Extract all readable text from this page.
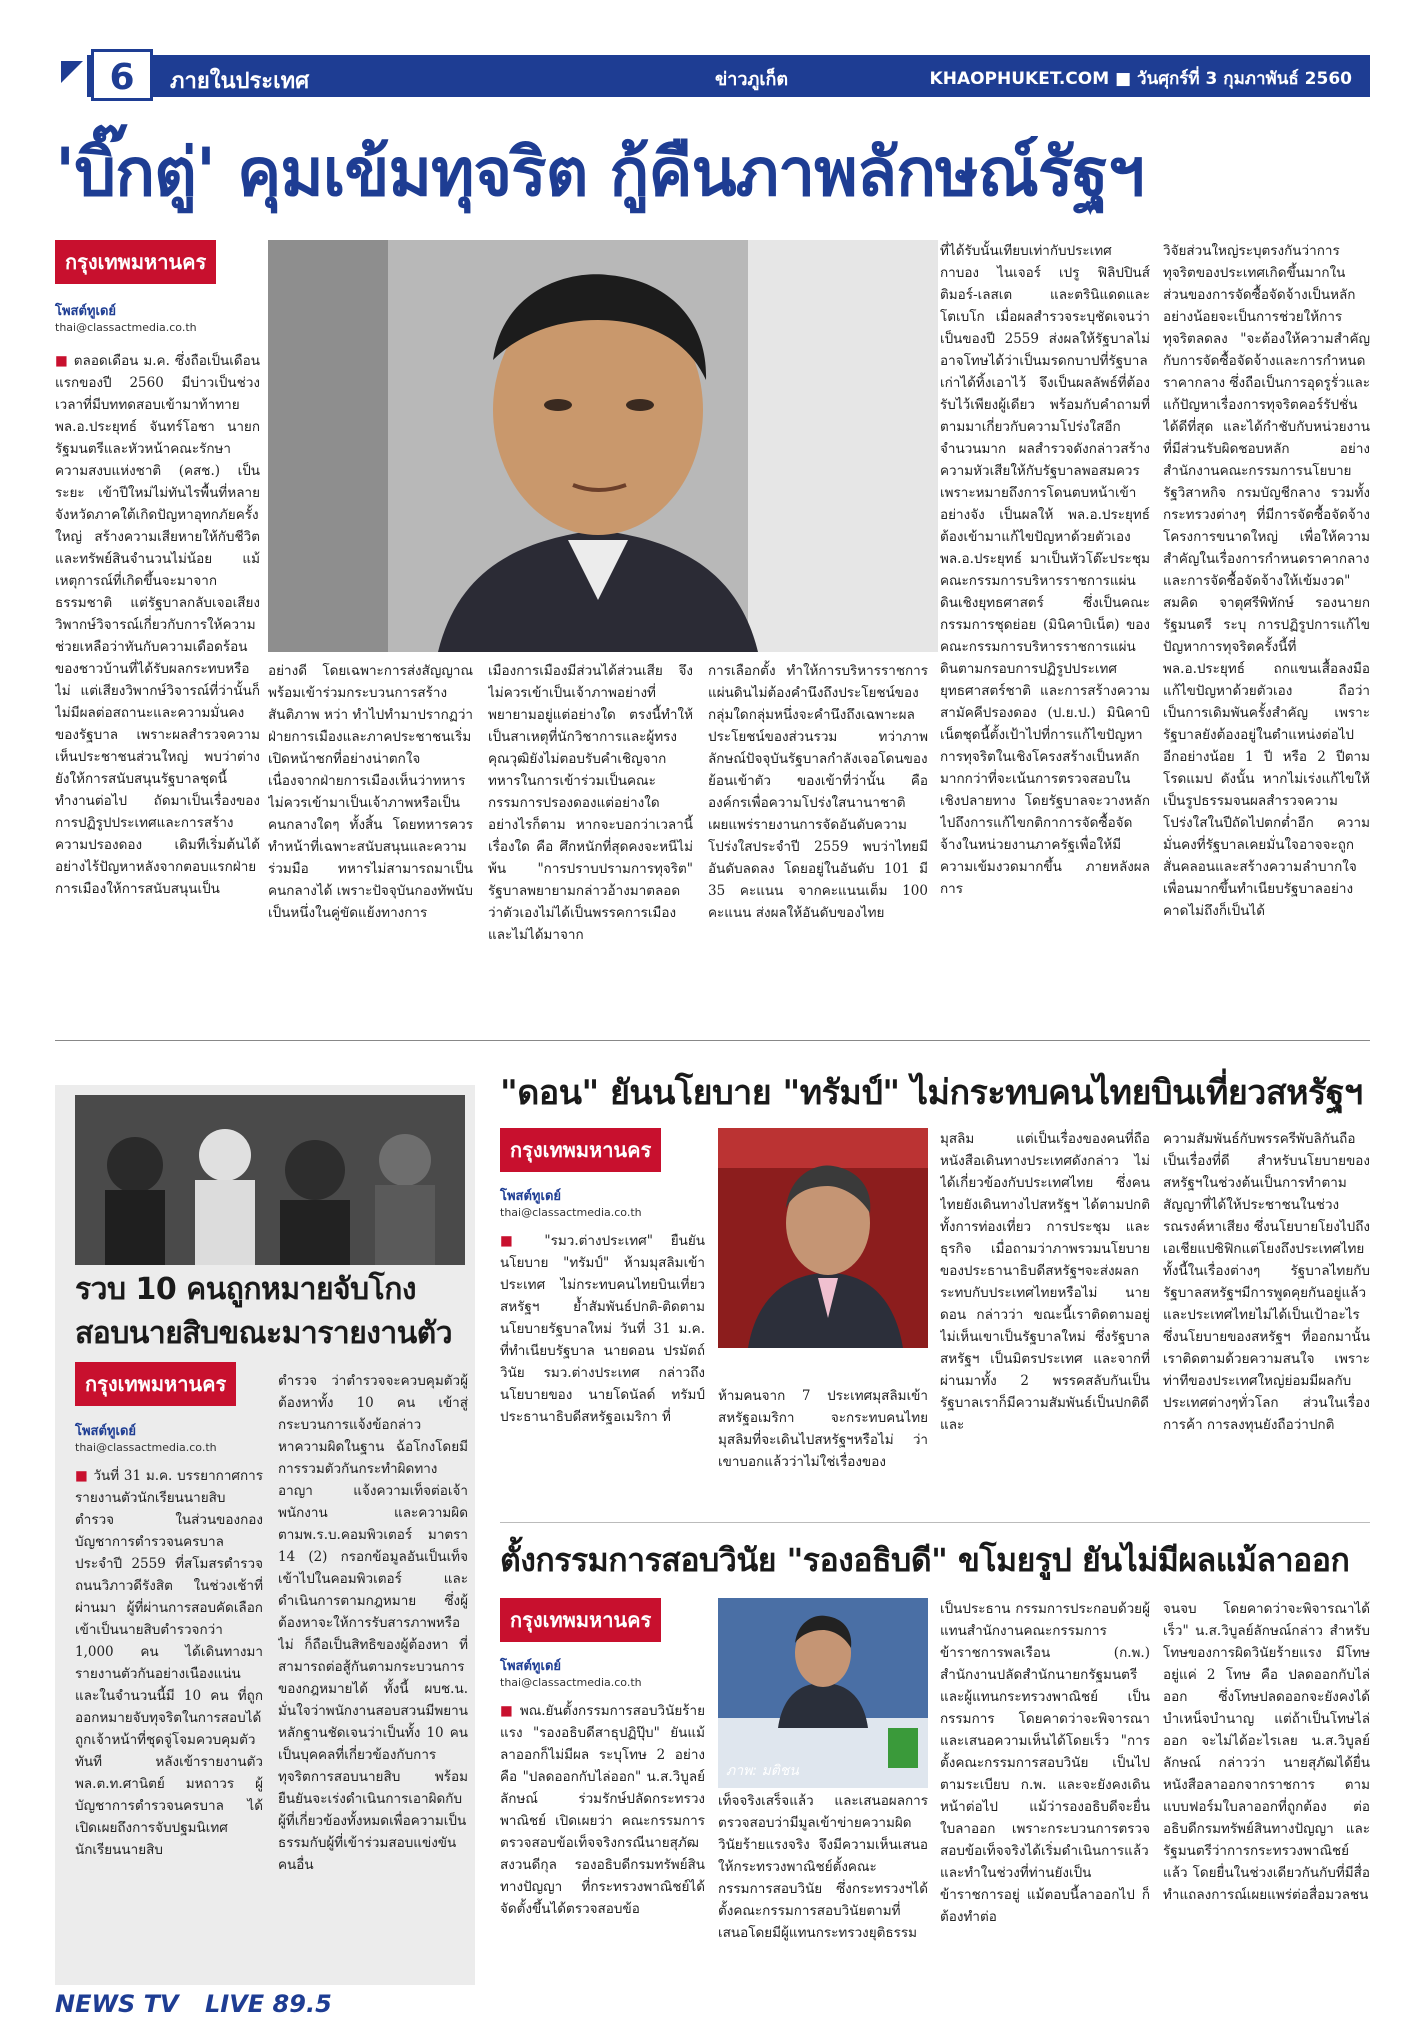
6	ภายในประเทศ	ข่าวภูเก็ต	KHAOPHUKET.COM ■ วันศุกร์ที่ 3 กุมภาพันธ์ 2560
'บิ๊กตู่' คุมเข้มทุจริต กู้คืนภาพลักษณ์รัฐฯ
กรุงเทพมหานคร
โพสต์ทูเดย์
thai@classactmedia.co.th

■ ตลอดเดือน ม.ค. ซึ่งถือเป็นเดือนแรกของปี 2560 มีบ่าวเป็นช่วงเวลาที่มีบททดสอบเข้ามาท้าทาย พล.อ.ประยุทธ์ จันทร์โอชา นายกรัฐมนตรีและหัวหน้าคณะรักษาความสงบแห่งชาติ (คสช.) เป็นระยะ เข้าปีใหม่ไม่ทันไรพื้นที่หลายจังหวัดภาคใต้เกิดปัญหาอุทกภัยครั้งใหญ่ สร้างความเสียหายให้กับชีวิตและทรัพย์สินจำนวนไม่น้อย แม้เหตุการณ์ที่เกิดขึ้นจะมาจากธรรมชาติ แต่รัฐบาลกลับเจอเสียงวิพากษ์วิจารณ์เกี่ยวกับการให้ความช่วยเหลือว่าทันกับความเดือดร้อนของชาวบ้านที่ได้รับผลกระทบหรือไม่ แต่เสียงวิพากษ์วิจารณ์ที่ว่านั้นก็ไม่มีผลต่อสถานะและความมั่นคงของรัฐบาล เพราะผลสำรวจความเห็นประชาชนส่วนใหญ่ พบว่าต่างยังให้การสนับสนุนรัฐบาลชุดนี้ทำงานต่อไป ถัดมาเป็นเรื่องของการปฏิรูปประเทศและการสร้างความปรองดอง เดิมทีเริ่มต้นได้อย่างไร้ปัญหาหลังจากตอบแรกฝ่ายการเมืองให้การสนับสนุนเป็น

อย่างดี โดยเฉพาะการส่งสัญญาณพร้อมเข้าร่วมกระบวนการสร้างสันติภาพ หว่า ทำไปทำมาปรากฏว่าฝ่ายการเมืองและภาคประชาชนเริ่มเปิดหน้าชกที่อย่างน่าตกใจ เนื่องจากฝ่ายการเมืองเห็นว่าทหารไม่ควรเข้ามาเป็นเจ้าภาพหรือเป็นคนกลางใดๆ ทั้งสิ้น โดยทหารควรทำหน้าที่เฉพาะสนับสนุนและความร่วมมือ ทหารไม่สามารถมาเป็นคนกลางได้ เพราะปัจจุบันกองทัพนับเป็นหนึ่งในคู่ขัดแย้งทางการ

เมืองการเมืองมีส่วนได้ส่วนเสีย จึงไม่ควรเข้าเป็นเจ้าภาพอย่างที่พยายามอยู่แต่อย่างใด ตรงนี้ทำให้เป็นสาเหตุที่นักวิชาการและผู้ทรงคุณวุฒิยังไม่ตอบรับคำเชิญจากทหารในการเข้าร่วมเป็นคณะกรรมการปรองดองแต่อย่างใด อย่างไรก็ตาม หากจะบอกว่าเวลานี้เรื่องใด คือ ศึกหนักที่สุดคงจะหนีไม่พ้น "การปราบปรามการทุจริต" รัฐบาลพยายามกล่าวอ้างมาตลอดว่าตัวเองไม่ได้เป็นพรรคการเมืองและไม่ได้มาจาก

การเลือกตั้ง ทำให้การบริหารราชการแผ่นดินไม่ต้องคำนึงถึงประโยชน์ของกลุ่มใดกลุ่มหนึ่งจะคำนึงถึงเฉพาะผลประโยชน์ของส่วนรวม ทว่าภาพลักษณ์ปัจจุบันรัฐบาลกำลังเจอโดนของย้อนเข้าตัว ของเข้าที่ว่านั้น คือ องค์กรเพื่อความโปร่งใสนานาชาติ เผยแพร่รายงานการจัดอันดับความโปร่งใสประจำปี 2559 พบว่าไทยมีอันดับลดลง โดยอยู่ในอันดับ 101 มี 35 คะแนน จากคะแนนเต็ม 100 คะแนน ส่งผลให้อันดับของไทย

ที่ได้รับนั้นเทียบเท่ากับประเทศกาบอง ไนเจอร์ เปรู ฟิลิปปินส์ ติมอร์-เลสเต และตรินิแดดและโตเบโก เมื่อผลสำรวจระบุชัดเจนว่าเป็นของปี 2559 ส่งผลให้รัฐบาลไม่อาจโทษได้ว่าเป็นมรดกบาปที่รัฐบาลเก่าได้ทิ้งเอาไว้ จึงเป็นผลลัพธ์ที่ต้องรับไว้เพียงผู้เดียว พร้อมกับคำถามที่ตามมาเกี่ยวกับความโปร่งใสอีกจำนวนมาก ผลสำรวจดังกล่าวสร้างความหัวเสียให้กับรัฐบาลพอสมควร เพราะหมายถึงการโดนตบหน้าเข้าอย่างจัง เป็นผลให้ พล.อ.ประยุทธ์ ต้องเข้ามาแก้ไขปัญหาด้วยตัวเอง พล.อ.ประยุทธ์ มาเป็นหัวโต๊ะประชุมคณะกรรมการบริหารราชการแผ่นดินเชิงยุทธศาสตร์ ซึ่งเป็นคณะกรรมการชุดย่อย (มินิคาบิเน็ต) ของคณะกรรมการบริหารราชการแผ่นดินตามกรอบการปฏิรูปประเทศ ยุทธศาสตร์ชาติ และการสร้างความสามัคคีปรองดอง (ป.ย.ป.) มินิคาบิเน็ตชุดนี้ตั้งเป้าไปที่การแก้ไขปัญหาการทุจริตในเชิงโครงสร้างเป็นหลักมากกว่าที่จะเน้นการตรวจสอบในเชิงปลายทาง โดยรัฐบาลจะวางหลักไปถึงการแก้ไขกติกาการจัดซื้อจัดจ้างในหน่วยงานภาครัฐเพื่อให้มีความเข้มงวดมากขึ้น ภายหลังผลการ

วิจัยส่วนใหญ่ระบุตรงกันว่าการทุจริตของประเทศเกิดขึ้นมากในส่วนของการจัดซื้อจัดจ้างเป็นหลัก อย่างน้อยจะเป็นการช่วยให้การทุจริตลดลง "จะต้องให้ความสำคัญกับการจัดซื้อจัดจ้างและการกำหนดราคากลาง ซึ่งถือเป็นการอุดรูรั่วและแก้ปัญหาเรื่องการทุจริตคอร์รัปชั่นได้ดีที่สุด และได้กำชับกับหน่วยงานที่มีส่วนรับผิดชอบหลัก อย่างสำนักงานคณะกรรมการนโยบายรัฐวิสาหกิจ กรมบัญชีกลาง รวมทั้งกระทรวงต่างๆ ที่มีการจัดซื้อจัดจ้างโครงการขนาดใหญ่ เพื่อให้ความสำคัญในเรื่องการกำหนดราคากลาง และการจัดซื้อจัดจ้างให้เข้มงวด" สมคิด จาตุศรีพิทักษ์ รองนายกรัฐมนตรี ระบุ การปฏิรูปการแก้ไขปัญหาการทุจริตครั้งนี้ที่ พล.อ.ประยุทธ์ ถกแขนเสื้อลงมือแก้ไขปัญหาด้วยตัวเอง ถือว่าเป็นการเดิมพันครั้งสำคัญ เพราะรัฐบาลยังต้องอยู่ในตำแหน่งต่อไปอีกอย่างน้อย 1 ปี หรือ 2 ปีตามโรดแมป ดังนั้น หากไม่เร่งแก้ไขให้เป็นรูปธรรมจนผลสำรวจความโปร่งใสในปีถัดไปตกต่ำอีก ความมั่นคงที่รัฐบาลเคยมั่นใจอาจจะถูกสั่นคลอนและสร้างความลำบากใจเพื่อนมากขึ้นทำเนียบรัฐบาลอย่างคาดไม่ถึงก็เป็นได้

รวบ 10 คนถูกหมายจับโกงสอบนายสิบขณะมารายงานตัว
กรุงเทพมหานคร
โพสต์ทูเดย์
thai@classactmedia.co.th

■ วันที่ 31 ม.ค. บรรยากาศการรายงานตัวนักเรียนนายสิบตำรวจ ในส่วนของกองบัญชาการตำรวจนครบาล ประจำปี 2559 ที่สโมสรตำรวจถนนวิภาวดีรังสิต ในช่วงเช้าที่ผ่านมา ผู้ที่ผ่านการสอบคัดเลือกเข้าเป็นนายสิบตำรวจกว่า 1,000 คน ได้เดินทางมารายงานตัวกันอย่างเนืองแน่น และในจำนวนนี้มี 10 คน ที่ถูกออกหมายจับทุจริตในการสอบได้ถูกเจ้าหน้าที่ชุดจู่โจมควบคุมตัวทันที หลังเข้ารายงานตัว พล.ต.ท.ศานิตย์ มหถาวร ผู้บัญชาการตำรวจนครบาล ได้เปิดเผยถึงการจับปฐมนิเทศนักเรียนนายสิบ

ตำรวจ ว่าตำรวจจะควบคุมตัวผู้ต้องหาทั้ง 10 คน เข้าสู่กระบวนการแจ้งข้อกล่าวหาความผิดในฐาน ฉ้อโกงโดยมีการรวมตัวกันกระทำผิดทางอาญา แจ้งความเท็จต่อเจ้าพนักงาน และความผิดตามพ.ร.บ.คอมพิวเตอร์ มาตรา 14 (2) กรอกข้อมูลอันเป็นเท็จเข้าไปในคอมพิวเตอร์ และดำเนินการตามกฎหมาย ซึ่งผู้ต้องหาจะให้การรับสารภาพหรือไม่ ก็ถือเป็นสิทธิของผู้ต้องหา ที่สามารถต่อสู้กันตามกระบวนการของกฎหมายได้ ทั้งนี้ ผบช.น. มั่นใจว่าพนักงานสอบสวนมีพยานหลักฐานชัดเจนว่าเป็นทั้ง 10 คน เป็นบุคคลที่เกี่ยวข้องกับการทุจริตการสอบนายสิบ พร้อมยืนยันจะเร่งดำเนินการเอาผิดกับผู้ที่เกี่ยวข้องทั้งหมดเพื่อความเป็นธรรมกับผู้ที่เข้าร่วมสอบแข่งขันคนอื่น

"ดอน" ยันนโยบาย "ทรัมป์" ไม่กระทบคนไทยบินเที่ยวสหรัฐฯ
กรุงเทพมหานคร
โพสต์ทูเดย์
thai@classactmedia.co.th

■ "รมว.ต่างประเทศ" ยืนยันนโยบาย "ทรัมป์" ห้ามมุสลิมเข้าประเทศ ไม่กระทบคนไทยบินเที่ยวสหรัฐฯ ย้ำสัมพันธ์ปกติ-ติดตามนโยบายรัฐบาลใหม่ วันที่ 31 ม.ค. ที่ทำเนียบรัฐบาล นายดอน ปรมัตถ์วินัย รมว.ต่างประเทศ กล่าวถึงนโยบายของ นายโดนัลด์ ทรัมป์ ประธานาธิบดีสหรัฐอเมริกา ที่

ห้ามคนจาก 7 ประเทศมุสลิมเข้าสหรัฐอเมริกา จะกระทบคนไทยมุสลิมที่จะเดินไปสหรัฐฯหรือไม่ ว่าเขาบอกแล้วว่าไม่ใช่เรื่องของ

มุสลิม แต่เป็นเรื่องของคนที่ถือหนังสือเดินทางประเทศดังกล่าว ไม่ได้เกี่ยวข้องกับประเทศไทย ซึ่งคนไทยยังเดินทางไปสหรัฐฯ ได้ตามปกติ ทั้งการท่องเที่ยว การประชุม และธุรกิจ เมื่อถามว่าภาพรวมนโยบายของประธานาธิบดีสหรัฐฯจะส่งผลกระทบกับประเทศไทยหรือไม่ นายดอน กล่าวว่า ขณะนี้เราติดตามอยู่ไม่เห็นเขาเป็นรัฐบาลใหม่ ซึ่งรัฐบาลสหรัฐฯ เป็นมิตรประเทศ และจากที่ผ่านมาทั้ง 2 พรรคสลับกันเป็นรัฐบาลเราก็มีความสัมพันธ์เป็นปกติดี และ

ความสัมพันธ์กับพรรครีพับลิกันถือเป็นเรื่องที่ดี สำหรับนโยบายของสหรัฐฯในช่วงต้นเป็นการทำตามสัญญาที่ได้ให้ประชาชนในช่วงรณรงค์หาเสียง ซึ่งนโยบายโยงไปถึงเอเชียแปซิฟิกแต่โยงถึงประเทศไทย ทั้งนี้ในเรื่องต่างๆ รัฐบาลไทยกับรัฐบาลสหรัฐฯมีการพูดคุยกันอยู่แล้วและประเทศไทยไม่ได้เป็นเป้าอะไร ซึ่งนโยบายของสหรัฐฯ ที่ออกมานั้น เราติดตามด้วยความสนใจ เพราะท่าทีของประเทศใหญ่ย่อมมีผลกับประเทศต่างๆทั่วโลก ส่วนในเรื่องการค้า การลงทุนยังถือว่าปกติ

ตั้งกรรมการสอบวินัย "รองอธิบดี" ขโมยรูป ยันไม่มีผลแม้ลาออก
กรุงเทพมหานคร
โพสต์ทูเดย์
thai@classactmedia.co.th

■ พณ.ยันตั้งกรรมการสอบวินัยร้ายแรง "รองอธิบดีสาธุปฏิปุ๊บ" ยันแม้ลาออกก็ไม่มีผล ระบุโทษ 2 อย่างคือ "ปลดออกกับไล่ออก" น.ส.วิบูลย์ลักษณ์ ร่วมรักษ์ปลัดกระทรวงพาณิชย์ เปิดเผยว่า คณะกรรมการตรวจสอบข้อเท็จจริงกรณีนายสุภัฒ สงวนดีกุล รองอธิบดีกรมทรัพย์สินทางปัญญา ที่กระทรวงพาณิชย์ได้จัดตั้งขึ้นได้ตรวจสอบข้อ

ภาพ: มติชน

เท็จจริงเสร็จแล้ว และเสนอผลการตรวจสอบว่ามีมูลเข้าข่ายความผิดวินัยร้ายแรงจริง จึงมีความเห็นเสนอให้กระทรวงพาณิชย์ตั้งคณะกรรมการสอบวินัย ซึ่งกระทรวงฯได้ตั้งคณะกรรมการสอบวินัยตามที่เสนอโดยมีผู้แทนกระทรวงยุติธรรม

เป็นประธาน กรรมการประกอบด้วยผู้แทนสำนักงานคณะกรรมการข้าราชการพลเรือน (ก.พ.) สำนักงานปลัดสำนักนายกรัฐมนตรี และผู้แทนกระทรวงพาณิชย์ เป็นกรรมการ โดยคาดว่าจะพิจารณาและเสนอความเห็นได้โดยเร็ว "การตั้งคณะกรรมการสอบวินัย เป็นไปตามระเบียบ ก.พ. และจะยังคงเดินหน้าต่อไป แม้ว่ารองอธิบดีจะยื่นใบลาออก เพราะกระบวนการตรวจสอบข้อเท็จจริงได้เริ่มดำเนินการแล้วและทำในช่วงที่ท่านยังเป็นข้าราชการอยู่ แม้ตอบนี้ลาออกไป ก็ต้องทำต่อ

จนจบ โดยคาดว่าจะพิจารณาได้เร็ว" น.ส.วิบูลย์ลักษณ์กล่าว สำหรับโทษของการผิดวินัยร้ายแรง มีโทษอยู่แค่ 2 โทษ คือ ปลดออกกับไล่ออก ซึ่งโทษปลดออกจะยังคงได้บำเหน็จบำนาญ แต่ถ้าเป็นโทษไล่ออก จะไม่ได้อะไรเลย น.ส.วิบูลย์ลักษณ์ กล่าวว่า นายสุภัฒได้ยื่นหนังสือลาออกจากราชการ ตามแบบฟอร์มใบลาออกที่ถูกต้อง ต่ออธิบดีกรมทรัพย์สินทางปัญญา และรัฐมนตรีว่าการกระทรวงพาณิชย์แล้ว โดยยื่นในช่วงเดียวกันกับที่มีสื่อทำแถลงการณ์เผยแพร่ต่อสื่อมวลชน

NEWS TV LIVE 89.5
